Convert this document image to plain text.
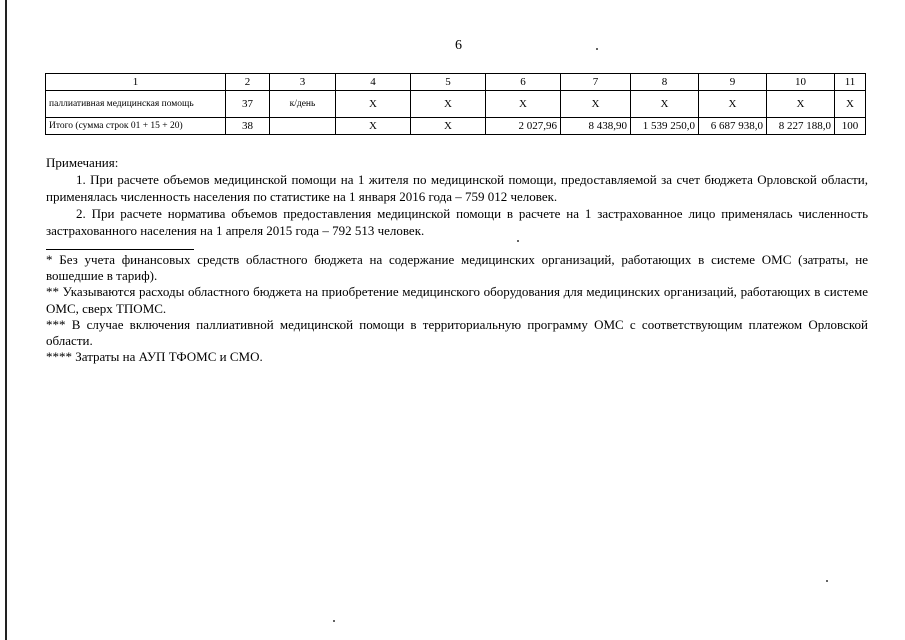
6
1	2	3	4	5	6	7	8	9	10	11
паллиативная медицинская помощь	37	к/день	Х	Х	Х	Х	Х	Х	Х	Х
Итого (сумма строк 01 + 15 + 20)	38		Х	Х	2 027,96	8 438,90	1 539 250,0	6 687 938,0	8 227 188,0	100

Примечания:

1. При расчете объемов медицинской помощи на 1 жителя по медицинской помощи, предоставляемой за счет бюджета Орловской области, применялась численность населения по статистике на 1 января 2016 года – 759 012 человек.

2. При расчете норматива объемов предоставления медицинской помощи в расчете на 1 застрахованное лицо применялась численность застрахованного населения на 1 апреля 2015 года – 792 513 человек.

* Без учета финансовых средств областного бюджета на содержание медицинских организаций, работающих в системе ОМС (затраты, не вошедшие в тариф).

** Указываются расходы областного бюджета на приобретение медицинского оборудования для медицинских организаций, работающих в системе ОМС, сверх ТПОМС.

*** В случае включения паллиативной медицинской помощи в территориальную программу ОМС с соответствующим платежом Орловской области.

**** Затраты на АУП ТФОМС и СМО.
